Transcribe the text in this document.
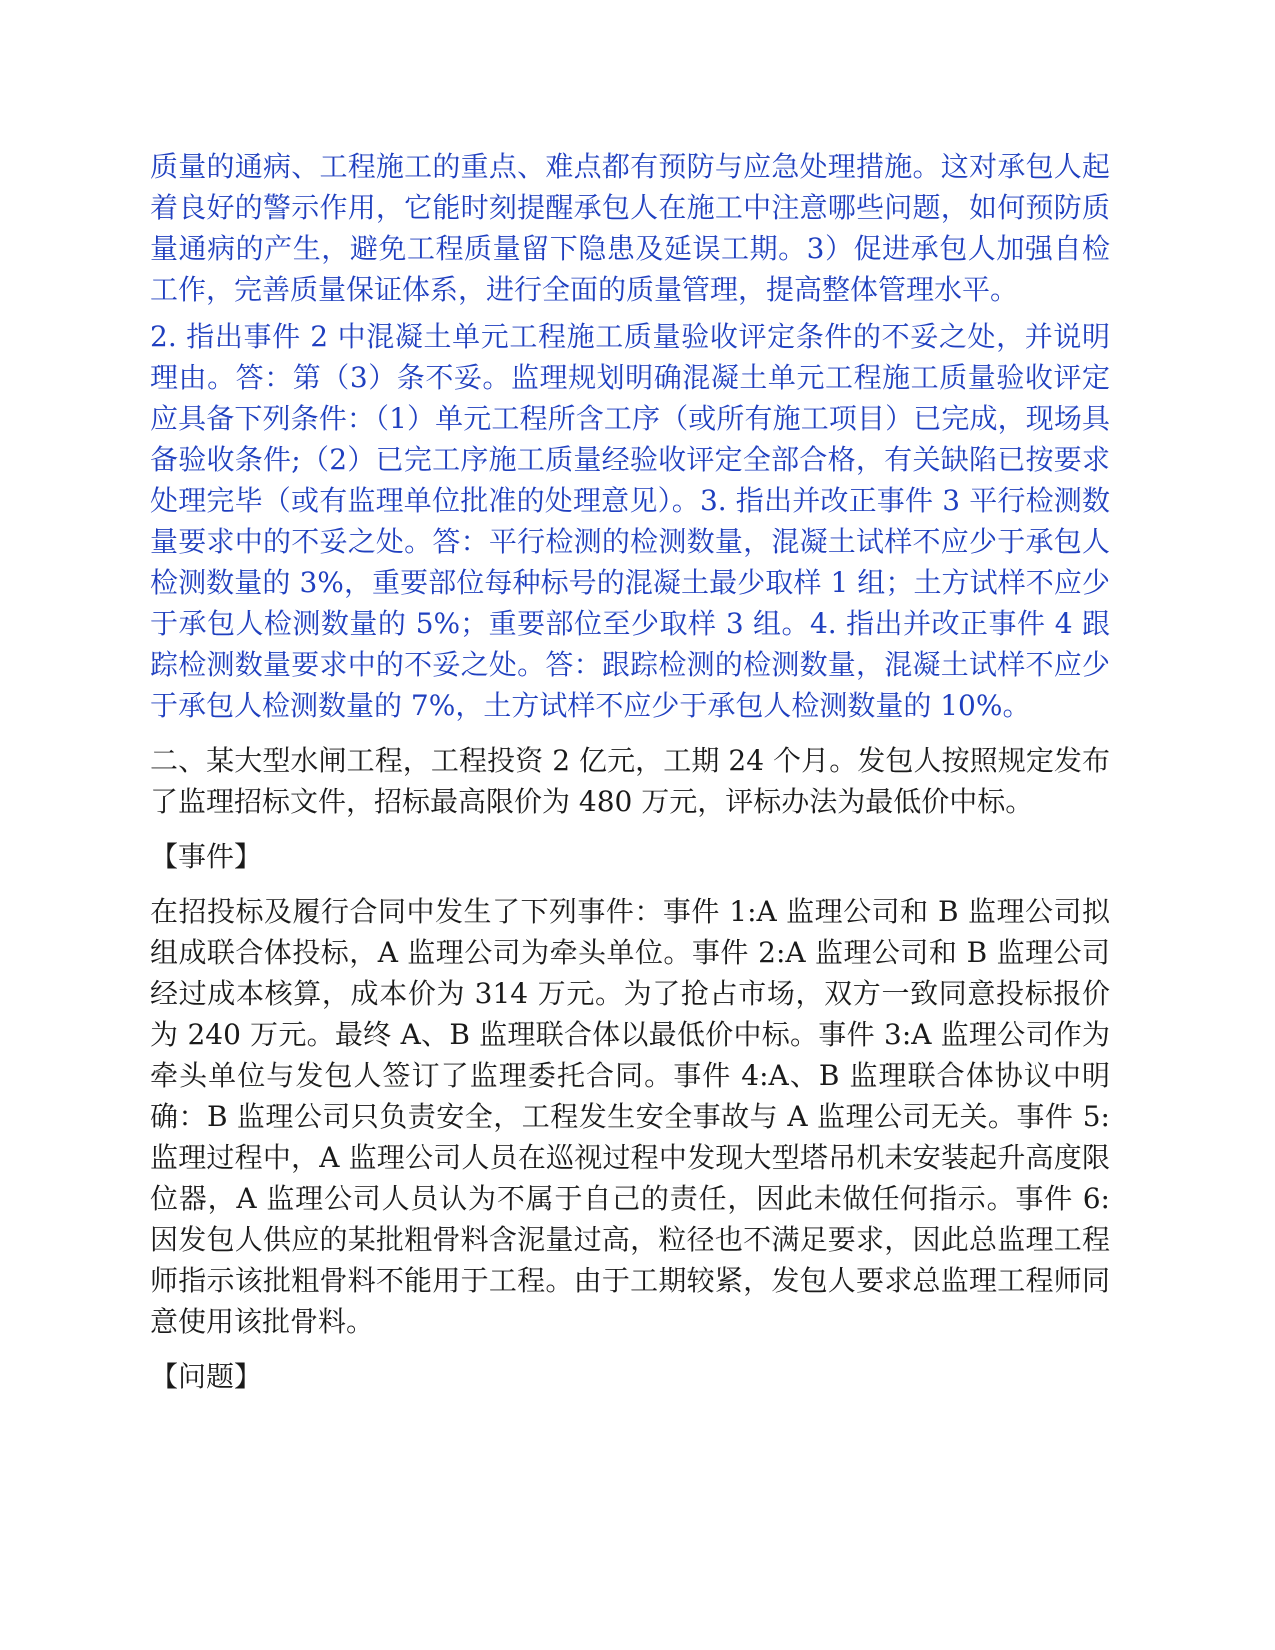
质量的通病、工程施工的重点、难点都有预防与应急处理措施。这对承包人起着良好的警示作用，它能时刻提醒承包人在施工中注意哪些问题，如何预防质量通病的产生，避免工程质量留下隐患及延误工期。3）促进承包人加强自检工作，完善质量保证体系，进行全面的质量管理，提高整体管理水平。

2. 指出事件 2 中混凝土单元工程施工质量验收评定条件的不妥之处，并说明理由。答：第（3）条不妥。监理规划明确混凝土单元工程施工质量验收评定应具备下列条件：（1）单元工程所含工序（或所有施工项目）已完成，现场具备验收条件;（2）已完工序施工质量经验收评定全部合格，有关缺陷已按要求处理完毕（或有监理单位批准的处理意见）。3. 指出并改正事件 3 平行检测数量要求中的不妥之处。答：平行检测的检测数量，混凝土试样不应少于承包人检测数量的 3%，重要部位每种标号的混凝土最少取样 1 组；土方试样不应少于承包人检测数量的 5%；重要部位至少取样 3 组。4. 指出并改正事件 4 跟踪检测数量要求中的不妥之处。答：跟踪检测的检测数量，混凝土试样不应少于承包人检测数量的 7%，土方试样不应少于承包人检测数量的 10%。

二、某大型水闸工程，工程投资 2 亿元，工期 24 个月。发包人按照规定发布了监理招标文件，招标最高限价为 480 万元，评标办法为最低价中标。

【事件】

在招投标及履行合同中发生了下列事件：事件 1:A 监理公司和 B 监理公司拟组成联合体投标，A 监理公司为牵头单位。事件 2:A 监理公司和 B 监理公司经过成本核算，成本价为 314 万元。为了抢占市场，双方一致同意投标报价为 240 万元。最终 A、B 监理联合体以最低价中标。事件 3:A 监理公司作为牵头单位与发包人签订了监理委托合同。事件 4:A、B 监理联合体协议中明确：B 监理公司只负责安全，工程发生安全事故与 A 监理公司无关。事件 5:监理过程中，A 监理公司人员在巡视过程中发现大型塔吊机未安装起升高度限位器，A 监理公司人员认为不属于自己的责任，因此未做任何指示。事件 6:因发包人供应的某批粗骨料含泥量过高，粒径也不满足要求，因此总监理工程师指示该批粗骨料不能用于工程。由于工期较紧，发包人要求总监理工程师同意使用该批骨料。

【问题】
